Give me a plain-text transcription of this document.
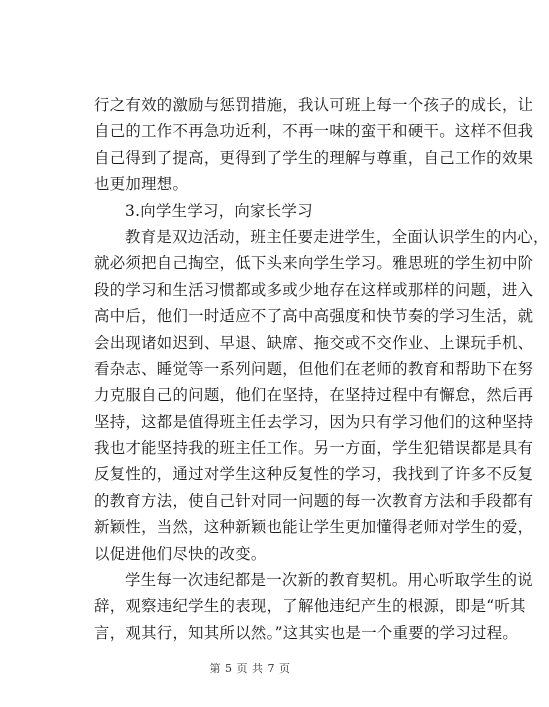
行之有效的激励与惩罚措施，我认可班上每一个孩子的成长，让
自己的工作不再急功近利，不再一味的蛮干和硬干。这样不但我
自己得到了提高，更得到了学生的理解与尊重，自己工作的效果
也更加理想。
3.向学生学习，向家长学习
教育是双边活动，班主任要走进学生，全面认识学生的内心，
就必须把自己掏空，低下头来向学生学习。雅思班的学生初中阶
段的学习和生活习惯都或多或少地存在这样或那样的问题，进入
高中后，他们一时适应不了高中高强度和快节奏的学习生活，就
会出现诸如迟到、早退、缺席、拖交或不交作业、上课玩手机、
看杂志、睡觉等一系列问题，但他们在老师的教育和帮助下在努
力克服自己的问题，他们在坚持，在坚持过程中有懈怠，然后再
坚持，这都是值得班主任去学习，因为只有学习他们的这种坚持
我也才能坚持我的班主任工作。另一方面，学生犯错误都是具有
反复性的，通过对学生这种反复性的学习，我找到了许多不反复
的教育方法，使自己针对同一问题的每一次教育方法和手段都有
新颖性，当然，这种新颖也能让学生更加懂得老师对学生的爱，
以促进他们尽快的改变。
学生每一次违纪都是一次新的教育契机。用心听取学生的说
辞，观察违纪学生的表现，了解他违纪产生的根源，即是“听其
言，观其行，知其所以然。”这其实也是一个重要的学习过程。
第 5 页 共 7 页
